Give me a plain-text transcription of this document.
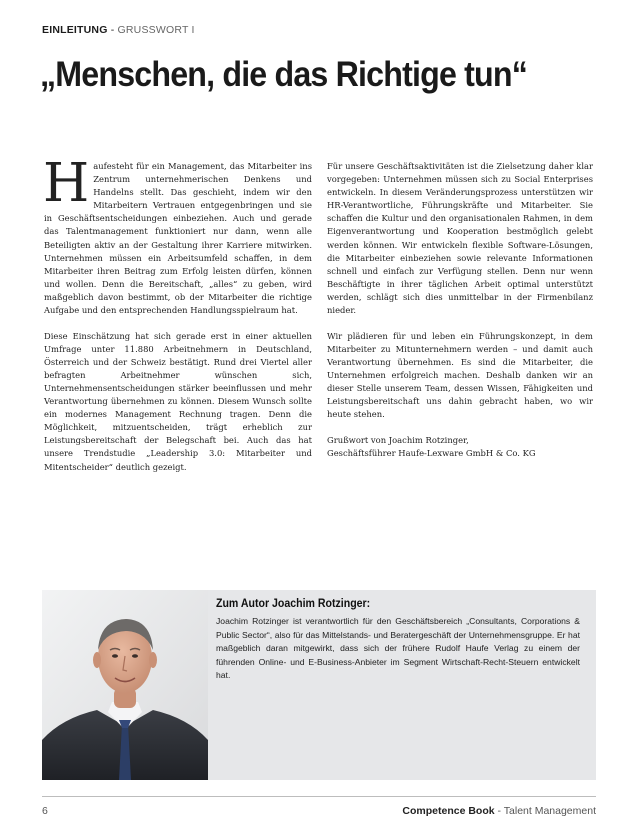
EINLEITUNG - GRUSSWORT I
„Menschen, die das Richtige tun“

Haufesteht für ein Management, das Mitarbeiter ins Zentrum unternehmerischen Denkens und Handelns stellt. Das geschieht, indem wir den Mitarbeitern Vertrauen entgegenbringen und sie in Geschäftsentscheidungen einbeziehen. Auch und gerade das Talentmanagement funktioniert nur dann, wenn alle Beteiligten aktiv an der Gestaltung ihrer Karriere mitwirken. Unternehmen müssen ein Arbeitsumfeld schaffen, in dem Mitarbeiter ihren Beitrag zum Erfolg leisten dürfen, können und wollen. Denn die Bereitschaft, „alles“ zu geben, wird maßgeblich davon bestimmt, ob der Mitarbeiter die richtige Aufgabe und den entsprechenden Handlungsspielraum hat.

Diese Einschätzung hat sich gerade erst in einer aktuellen Umfrage unter 11.880 Arbeitnehmern in Deutschland, Österreich und der Schweiz bestätigt. Rund drei Viertel aller befragten Arbeitnehmer wünschen sich, Unternehmensentscheidungen stärker beeinflussen und mehr Verantwortung übernehmen zu können. Diesem Wunsch sollte ein modernes Management Rechnung tragen. Denn die Möglichkeit, mitzuentscheiden, trägt erheblich zur Leistungsbereitschaft der Belegschaft bei. Auch das hat unsere Trendstudie „Leadership 3.0: Mitarbeiter und Mitentscheider“ deutlich gezeigt.

Für unsere Geschäftsaktivitäten ist die Zielsetzung daher klar vorgegeben: Unternehmen müssen sich zu Social Enterprises entwickeln. In diesem Veränderungsprozess unterstützen wir HR-Verantwortliche, Führungskräfte und Mitarbeiter. Sie schaffen die Kultur und den organisationalen Rahmen, in dem Eigenverantwortung und Kooperation bestmöglich gelebt werden können. Wir entwickeln flexible Software-Lösungen, die Mitarbeiter einbeziehen sowie relevante Informationen schnell und einfach zur Verfügung stellen. Denn nur wenn Beschäftigte in ihrer täglichen Arbeit optimal unterstützt werden, schlägt sich dies unmittelbar in der Firmenbilanz nieder.

Wir plädieren für und leben ein Führungskonzept, in dem Mitarbeiter zu Mitunternehmern werden – und damit auch Verantwortung übernehmen. Es sind die Mitarbeiter, die Unternehmen erfolgreich machen. Deshalb danken wir an dieser Stelle unserem Team, dessen Wissen, Fähigkeiten und Leistungsbereitschaft uns dahin gebracht haben, wo wir heute stehen.

Grußwort von Joachim Rotzinger,
Geschäftsführer Haufe-Lexware GmbH & Co. KG

Zum Autor Joachim Rotzinger:

Joachim Rotzinger ist verantwortlich für den Geschäftsbereich „Consultants, Corporations & Public Sector“, also für das Mittelstands- und Beratergeschäft der Unternehmensgruppe. Er hat maßgeblich daran mitgewirkt, dass sich der frühere Rudolf Haufe Verlag zu einem der führenden Online- und E-Business-Anbieter im Segment Wirtschaft-Recht-Steuern entwickelt hat.

6	Competence Book - Talent Management
